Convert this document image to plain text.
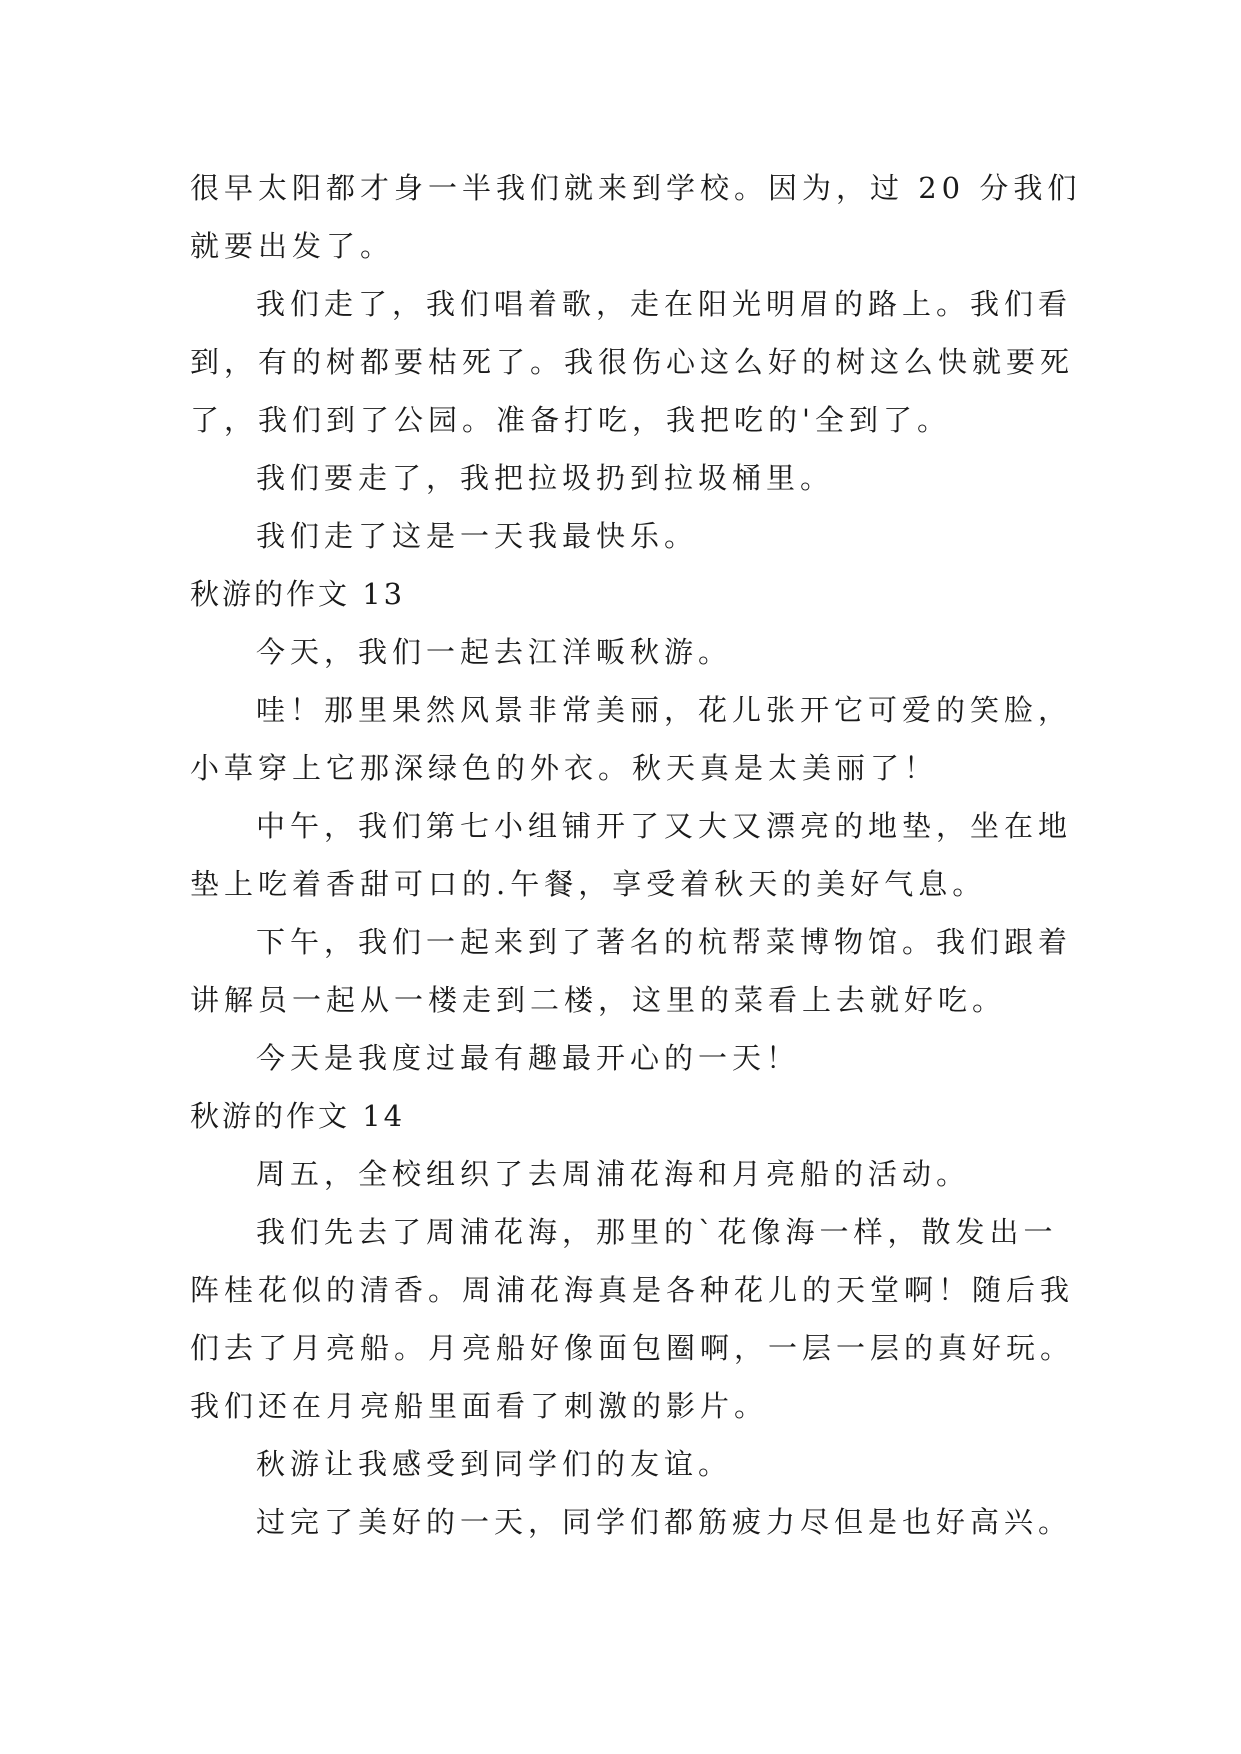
很早太阳都才身一半我们就来到学校。因为，过 20 分我们

就要出发了。

我们走了，我们唱着歌，走在阳光明眉的路上。我们看

到，有的树都要枯死了。我很伤心这么好的树这么快就要死

了，我们到了公园。准备打吃，我把吃的'全到了。

我们要走了，我把拉圾扔到拉圾桶里。

我们走了这是一天我最快乐。

秋游的作文 13

今天，我们一起去江洋畈秋游。

哇！那里果然风景非常美丽，花儿张开它可爱的笑脸，

小草穿上它那深绿色的外衣。秋天真是太美丽了！

中午，我们第七小组铺开了又大又漂亮的地垫，坐在地

垫上吃着香甜可口的.午餐，享受着秋天的美好气息。

下午，我们一起来到了著名的杭帮菜博物馆。我们跟着

讲解员一起从一楼走到二楼，这里的菜看上去就好吃。

今天是我度过最有趣最开心的一天！

秋游的作文 14

周五，全校组织了去周浦花海和月亮船的活动。

我们先去了周浦花海，那里的`花像海一样，散发出一

阵桂花似的清香。周浦花海真是各种花儿的天堂啊！随后我

们去了月亮船。月亮船好像面包圈啊，一层一层的真好玩。

我们还在月亮船里面看了刺激的影片。

秋游让我感受到同学们的友谊。

过完了美好的一天，同学们都筋疲力尽但是也好高兴。
